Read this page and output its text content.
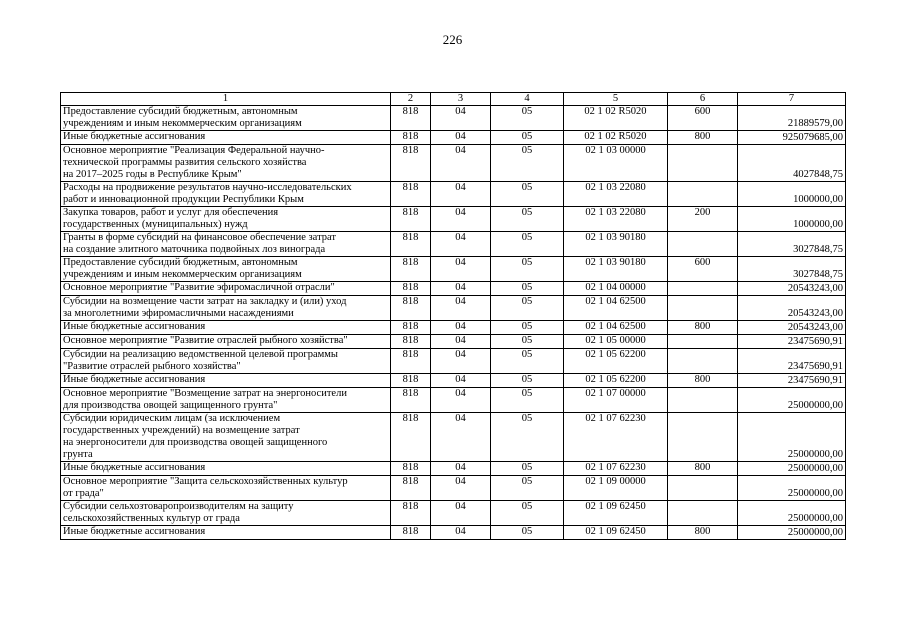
226
1	2	3	4	5	6	7
Предоставление субсидий бюджетным, автономным
учреждениям и иным некоммерческим организациям	818	04	05	02 1 02 R5020	600	21889579,00
Иные бюджетные ассигнования	818	04	05	02 1 02 R5020	800	925079685,00
Основное мероприятие "Реализация Федеральной научно-
технической программы развития сельского хозяйства
на 2017–2025 годы в Республике Крым"	818	04	05	02 1 03 00000		4027848,75
Расходы на продвижение результатов научно-исследовательских
работ и инновационной продукции Республики Крым	818	04	05	02 1 03 22080		1000000,00
Закупка товаров, работ и услуг для обеспечения
государственных (муниципальных) нужд	818	04	05	02 1 03 22080	200	1000000,00
Гранты в форме субсидий на финансовое обеспечение затрат
на создание элитного маточника подвойных лоз винограда	818	04	05	02 1 03 90180		3027848,75
Предоставление субсидий бюджетным, автономным
учреждениям и иным некоммерческим организациям	818	04	05	02 1 03 90180	600	3027848,75
Основное мероприятие "Развитие эфиромасличной отрасли"	818	04	05	02 1 04 00000		20543243,00
Субсидии на возмещение части затрат на закладку и (или) уход
за многолетними эфиромасличными насаждениями	818	04	05	02 1 04 62500		20543243,00
Иные бюджетные ассигнования	818	04	05	02 1 04 62500	800	20543243,00
Основное мероприятие "Развитие отраслей рыбного хозяйства"	818	04	05	02 1 05 00000		23475690,91
Субсидии на реализацию ведомственной целевой программы
"Развитие отраслей рыбного хозяйства"	818	04	05	02 1 05 62200		23475690,91
Иные бюджетные ассигнования	818	04	05	02 1 05 62200	800	23475690,91
Основное мероприятие "Возмещение затрат на энергоносители
для производства овощей защищенного грунта"	818	04	05	02 1 07 00000		25000000,00
Субсидии юридическим лицам (за исключением
государственных учреждений) на возмещение затрат
на энергоносители для производства овощей защищенного
грунта	818	04	05	02 1 07 62230		25000000,00
Иные бюджетные ассигнования	818	04	05	02 1 07 62230	800	25000000,00
Основное мероприятие "Защита сельскохозяйственных культур
от града"	818	04	05	02 1 09 00000		25000000,00
Субсидии сельхозтоваропроизводителям на защиту
сельскохозяйственных культур от града	818	04	05	02 1 09 62450		25000000,00
Иные бюджетные ассигнования	818	04	05	02 1 09 62450	800	25000000,00
